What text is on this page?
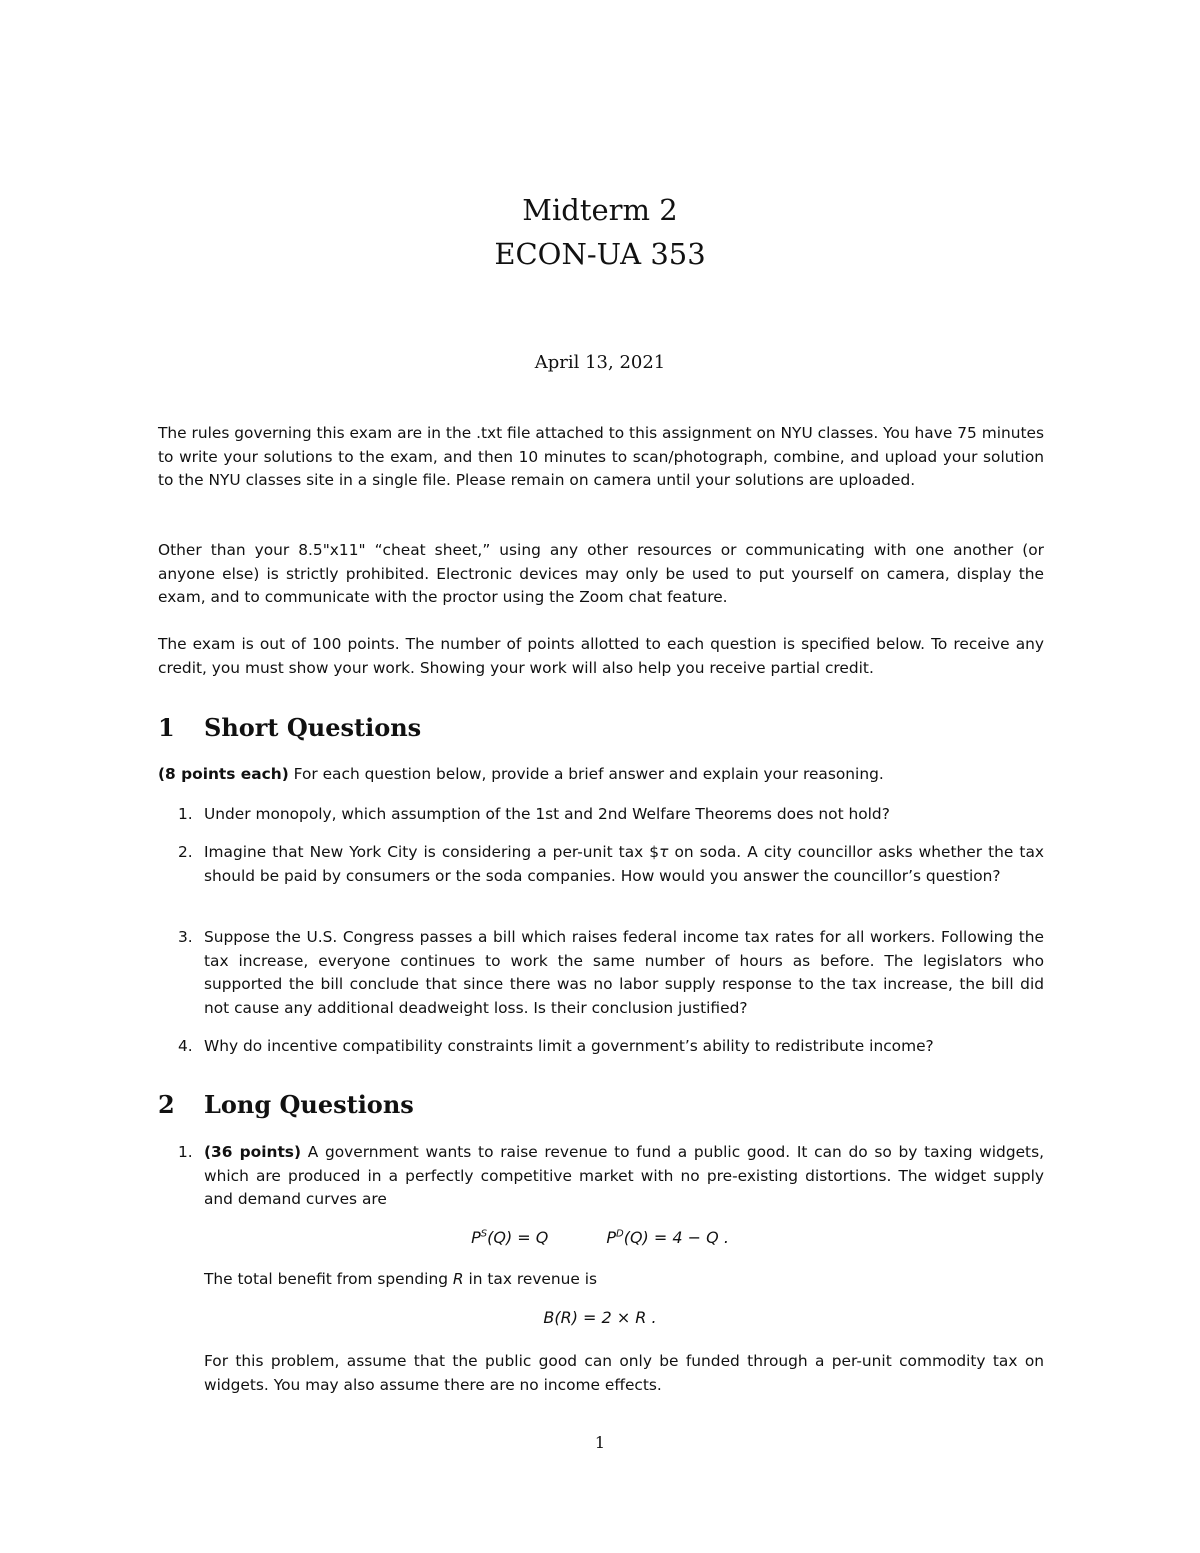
Midterm 2
ECON-UA 353
April 13, 2021
The rules governing this exam are in the .txt file attached to this assignment on NYU classes. You have 75 minutes to write your solutions to the exam, and then 10 minutes to scan/photograph, combine, and upload your solution to the NYU classes site in a single file. Please remain on camera until your solutions are uploaded.
Other than your 8.5"x11" “cheat sheet,” using any other resources or communicating with one another (or anyone else) is strictly prohibited. Electronic devices may only be used to put yourself on camera, display the exam, and to communicate with the proctor using the Zoom chat feature.
The exam is out of 100 points. The number of points allotted to each question is specified below. To receive any credit, you must show your work. Showing your work will also help you receive partial credit.
1 Short Questions
(8 points each) For each question below, provide a brief answer and explain your reasoning.
1. Under monopoly, which assumption of the 1st and 2nd Welfare Theorems does not hold?
2. Imagine that New York City is considering a per-unit tax $τ on soda. A city councillor asks whether the tax should be paid by consumers or the soda companies. How would you answer the councillor’s question?
3. Suppose the U.S. Congress passes a bill which raises federal income tax rates for all workers. Following the tax increase, everyone continues to work the same number of hours as before. The legislators who supported the bill conclude that since there was no labor supply response to the tax increase, the bill did not cause any additional deadweight loss. Is their conclusion justified?
4. Why do incentive compatibility constraints limit a government’s ability to redistribute income?
2 Long Questions
1. (36 points) A government wants to raise revenue to fund a public good. It can do so by taxing widgets, which are produced in a perfectly competitive market with no pre-existing distortions. The widget supply and demand curves are
$P^S(Q) = Q$	$P^D(Q) = 4 - Q$ .
The total benefit from spending R in tax revenue is
B(R) = 2 × R .
For this problem, assume that the public good can only be funded through a per-unit commodity tax on widgets. You may also assume there are no income effects.
1
